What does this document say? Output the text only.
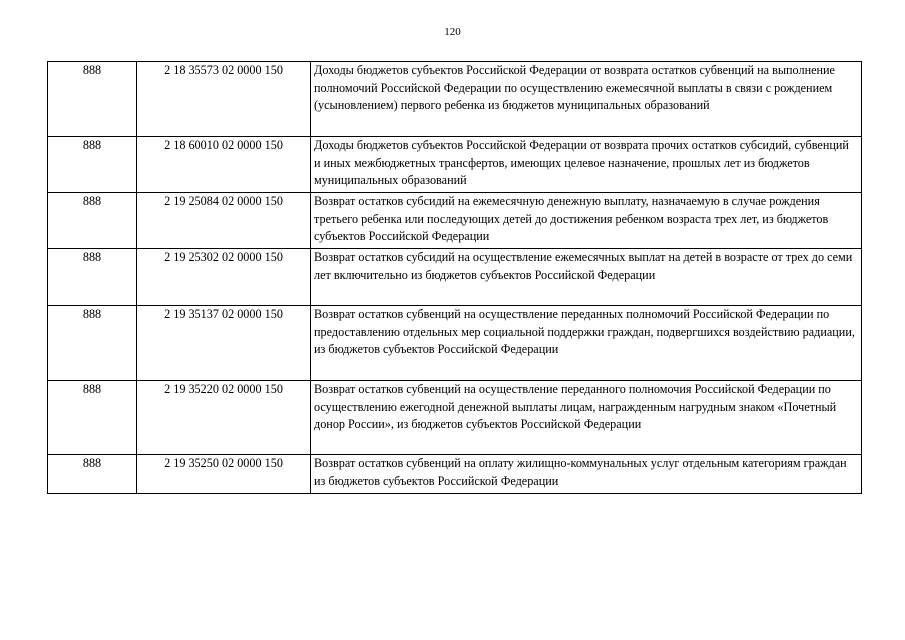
120
888	2 18 35573 02 0000 150	Доходы бюджетов субъектов Российской Федерации от возврата остатков субвенций на выполнение полномочий Российской Федерации по осуществлению ежемесячной выплаты в связи с рождением (усыновлением) первого ребенка из бюджетов муниципальных образований
888	2 18 60010 02 0000 150	Доходы бюджетов субъектов Российской Федерации от возврата прочих остатков субсидий, субвенций и иных межбюджетных трансфертов, имеющих целевое назначение, прошлых лет из бюджетов муниципальных образований
888	2 19 25084 02 0000 150	Возврат остатков субсидий на ежемесячную денежную выплату, назначаемую в случае рождения третьего ребенка или последующих детей до достижения ребенком возраста трех лет, из бюджетов субъектов Российской Федерации
888	2 19 25302 02 0000 150	Возврат остатков субсидий на осуществление ежемесячных выплат на детей в возрасте от трех до семи лет включительно из бюджетов субъектов Российской Федерации
888	2 19 35137 02 0000 150	Возврат остатков субвенций на осуществление переданных полномочий Российской Федерации по предоставлению отдельных мер социальной поддержки граждан, подвергшихся воздействию радиации, из бюджетов субъектов Российской Федерации
888	2 19 35220 02 0000 150	Возврат остатков субвенций на осуществление переданного полномочия Российской Федерации по осуществлению ежегодной денежной выплаты лицам, награжденным нагрудным знаком «Почетный донор России», из бюджетов субъектов Российской Федерации
888	2 19 35250 02 0000 150	Возврат остатков субвенций на оплату жилищно-коммунальных услуг отдельным категориям граждан из бюджетов субъектов Российской Федерации
